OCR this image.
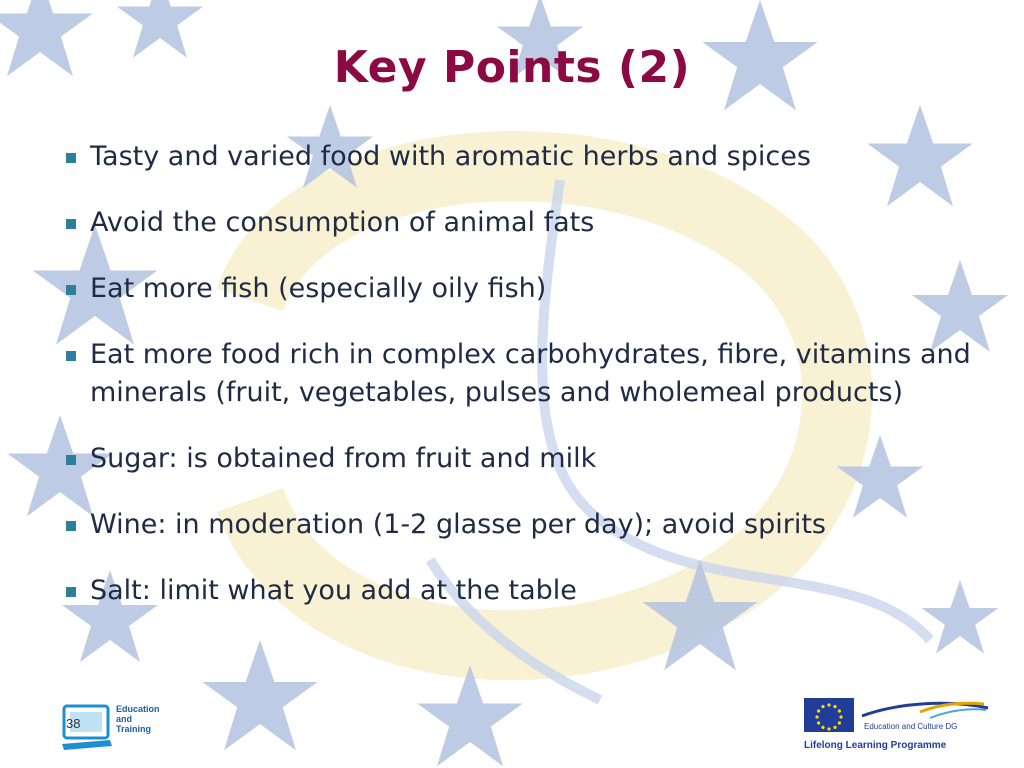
Key Points (2)
Tasty and varied food with aromatic herbs and spices
Avoid the consumption of animal fats
Eat more fish (especially oily fish)
Eat more food rich in complex carbohydrates, fibre, vitamins and minerals (fruit, vegetables, pulses and wholemeal products)
Sugar: is obtained from fruit and milk
Wine: in moderation (1-2 glasse per day); avoid spirits
Salt: limit what you add at the table
Education and Training
38	Education and Culture DG
Lifelong Learning Programme
